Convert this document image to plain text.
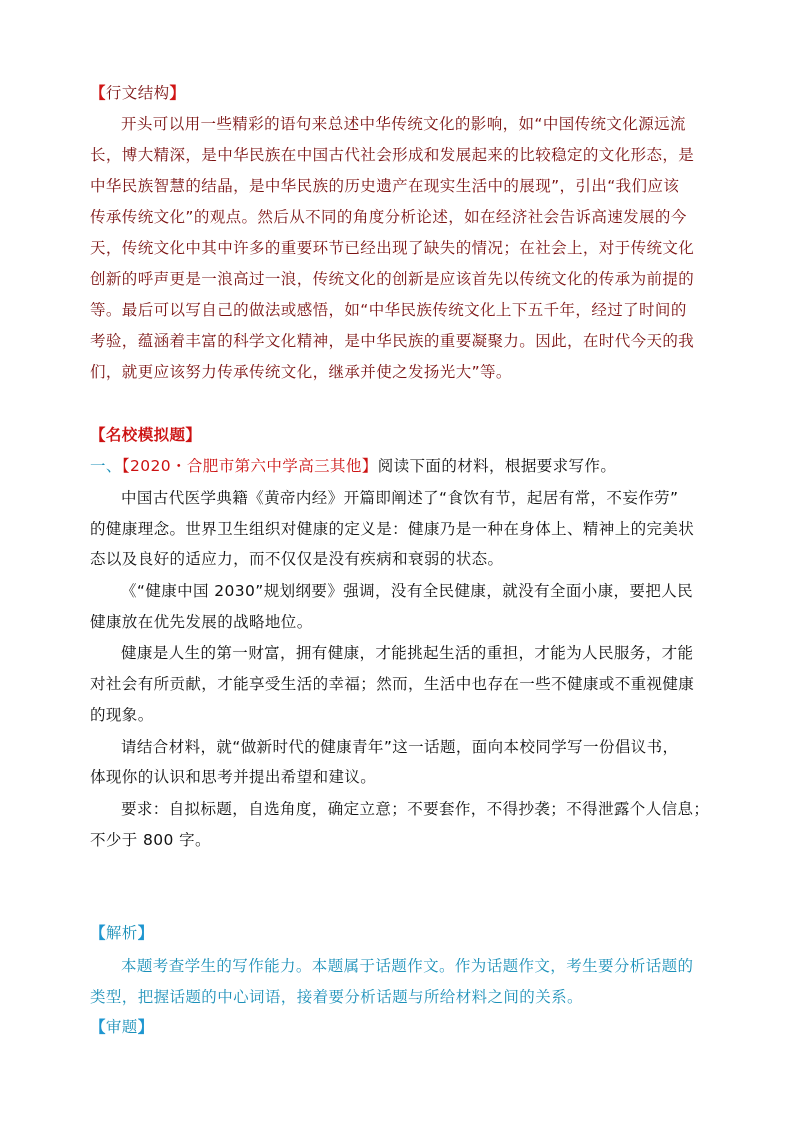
【行文结构】
开头可以用一些精彩的语句来总述中华传统文化的影响，如“中国传统文化源远流
长，博大精深，是中华民族在中国古代社会形成和发展起来的比较稳定的文化形态，是
中华民族智慧的结晶，是中华民族的历史遗产在现实生活中的展现”，引出“我们应该
传承传统文化”的观点。然后从不同的角度分析论述，如在经济社会告诉高速发展的今
天，传统文化中其中许多的重要环节已经出现了缺失的情况；在社会上，对于传统文化
创新的呼声更是一浪高过一浪，传统文化的创新是应该首先以传统文化的传承为前提的
等。最后可以写自己的做法或感悟，如“中华民族传统文化上下五千年，经过了时间的
考验，蕴涵着丰富的科学文化精神，是中华民族的重要凝聚力。因此，在时代今天的我
们，就更应该努力传承传统文化，继承并使之发扬光大”等。
【名校模拟题】
一、【2020・合肥市第六中学高三其他】阅读下面的材料，根据要求写作。
中国古代医学典籍《黄帝内经》开篇即阐述了“食饮有节，起居有常，不妄作劳”
的健康理念。世界卫生组织对健康的定义是：健康乃是一种在身体上、精神上的完美状
态以及良好的适应力，而不仅仅是没有疾病和衰弱的状态。
《“健康中国 2030”规划纲要》强调，没有全民健康，就没有全面小康，要把人民
健康放在优先发展的战略地位。
健康是人生的第一财富，拥有健康，才能挑起生活的重担，才能为人民服务，才能
对社会有所贡献，才能享受生活的幸福；然而，生活中也存在一些不健康或不重视健康
的现象。
请结合材料，就“做新时代的健康青年”这一话题，面向本校同学写一份倡议书，
体现你的认识和思考并提出希望和建议。
要求：自拟标题，自选角度，确定立意；不要套作，不得抄袭；不得泄露个人信息；
不少于 800 字。
【解析】
本题考查学生的写作能力。本题属于话题作文。作为话题作文，考生要分析话题的
类型，把握话题的中心词语，接着要分析话题与所给材料之间的关系。
【审题】
